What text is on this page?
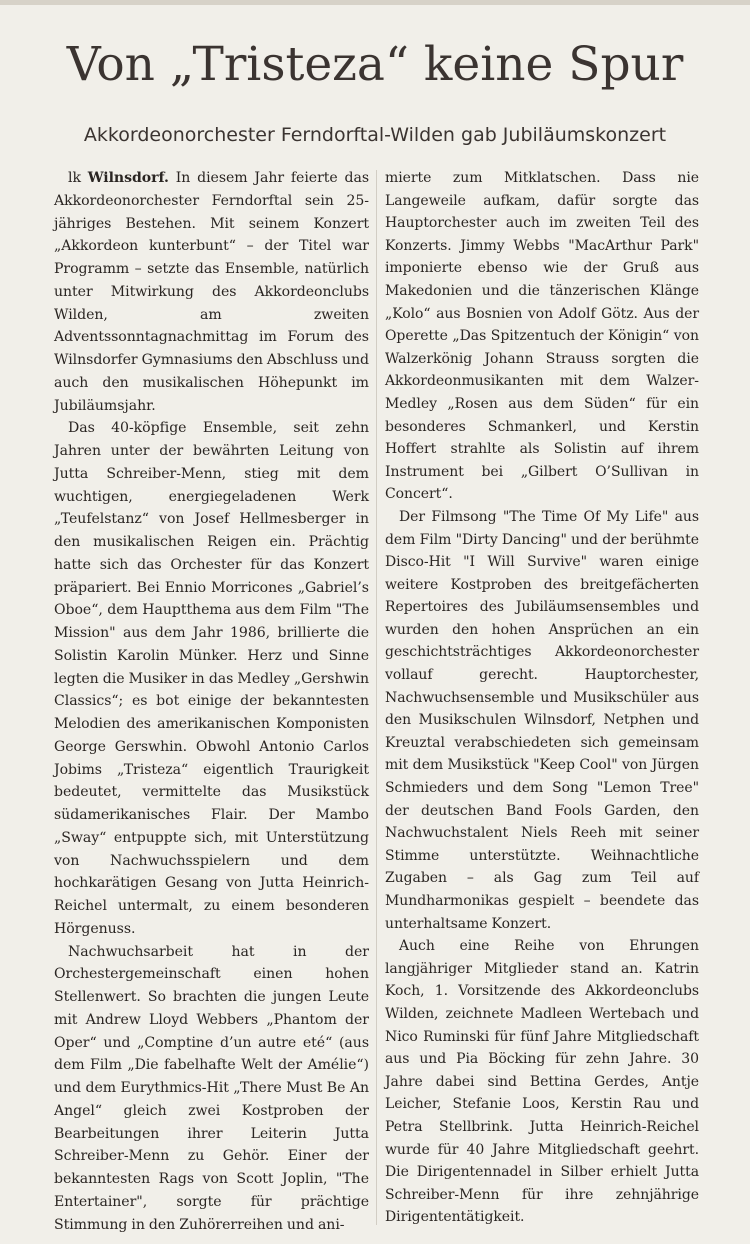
Von „Tristeza“ keine Spur
Akkordeonorchester Ferndorftal-Wilden gab Jubiläumskonzert

lk Wilnsdorf. In diesem Jahr feierte das Akkordeonorchester Ferndorftal sein 25-jähriges Bestehen. Mit seinem Konzert „Akkordeon kunterbunt“ – der Titel war Programm – setzte das Ensemble, natürlich unter Mitwirkung des Akkordeonclubs Wilden, am zweiten Adventssonntagnachmittag im Forum des Wilnsdorfer Gymnasiums den Abschluss und auch den musikalischen Höhepunkt im Jubiläumsjahr.

Das 40-köpfige Ensemble, seit zehn Jahren unter der bewährten Leitung von Jutta Schreiber-Menn, stieg mit dem wuchtigen, energiegeladenen Werk „Teufelstanz“ von Josef Hellmesberger in den musikalischen Reigen ein. Prächtig hatte sich das Orchester für das Konzert präpariert. Bei Ennio Morricones „Gabriel’s Oboe“, dem Hauptthema aus dem Film "The Mission" aus dem Jahr 1986, brillierte die Solistin Karolin Münker. Herz und Sinne legten die Musiker in das Medley „Gershwin Classics“; es bot einige der bekanntesten Melodien des amerikanischen Komponisten George Gerswhin. Obwohl Antonio Carlos Jobims „Tristeza“ eigentlich Traurigkeit bedeutet, vermittelte das Musikstück südamerikanisches Flair. Der Mambo „Sway“ entpuppte sich, mit Unterstützung von Nachwuchsspielern und dem hochkarätigen Gesang von Jutta Heinrich-Reichel untermalt, zu einem besonderen Hörgenuss.

Nachwuchsarbeit hat in der Orchestergemeinschaft einen hohen Stellenwert. So brachten die jungen Leute mit Andrew Lloyd Webbers „Phantom der Oper“ und „Comptine d’un autre eté“ (aus dem Film „Die fabelhafte Welt der Amélie“) und dem Eurythmics-Hit „There Must Be An Angel“ gleich zwei Kostproben der Bearbeitungen ihrer Leiterin Jutta Schreiber-Menn zu Gehör. Einer der bekanntesten Rags von Scott Joplin, "The Entertainer", sorgte für prächtige Stimmung in den Zuhörerreihen und ani-

mierte zum Mitklatschen. Dass nie Langeweile aufkam, dafür sorgte das Hauptorchester auch im zweiten Teil des Konzerts. Jimmy Webbs "MacArthur Park" imponierte ebenso wie der Gruß aus Makedonien und die tänzerischen Klänge „Kolo“ aus Bosnien von Adolf Götz. Aus der Operette „Das Spitzentuch der Königin“ von Walzerkönig Johann Strauss sorgten die Akkordeonmusikanten mit dem Walzer-Medley „Rosen aus dem Süden“ für ein besonderes Schmankerl, und Kerstin Hoffert strahlte als Solistin auf ihrem Instrument bei „Gilbert O’Sullivan in Concert“.

Der Filmsong "The Time Of My Life" aus dem Film "Dirty Dancing" und der berühmte Disco-Hit "I Will Survive" waren einige weitere Kostproben des breitgefächerten Repertoires des Jubiläumsensembles und wurden den hohen Ansprüchen an ein geschichtsträchtiges Akkordeonorchester vollauf gerecht. Hauptorchester, Nachwuchsensemble und Musikschüler aus den Musikschulen Wilnsdorf, Netphen und Kreuztal verabschiedeten sich gemeinsam mit dem Musikstück "Keep Cool" von Jürgen Schmieders und dem Song "Lemon Tree" der deutschen Band Fools Garden, den Nachwuchstalent Niels Reeh mit seiner Stimme unterstützte. Weihnachtliche Zugaben – als Gag zum Teil auf Mundharmonikas gespielt – beendete das unterhaltsame Konzert.

Auch eine Reihe von Ehrungen langjähriger Mitglieder stand an. Katrin Koch, 1. Vorsitzende des Akkordeonclubs Wilden, zeichnete Madleen Wertebach und Nico Ruminski für fünf Jahre Mitgliedschaft aus und Pia Böcking für zehn Jahre. 30 Jahre dabei sind Bettina Gerdes, Antje Leicher, Stefanie Loos, Kerstin Rau und Petra Stellbrink. Jutta Heinrich-Reichel wurde für 40 Jahre Mitgliedschaft geehrt. Die Dirigentennadel in Silber erhielt Jutta Schreiber-Menn für ihre zehnjährige Dirigententätigkeit.
